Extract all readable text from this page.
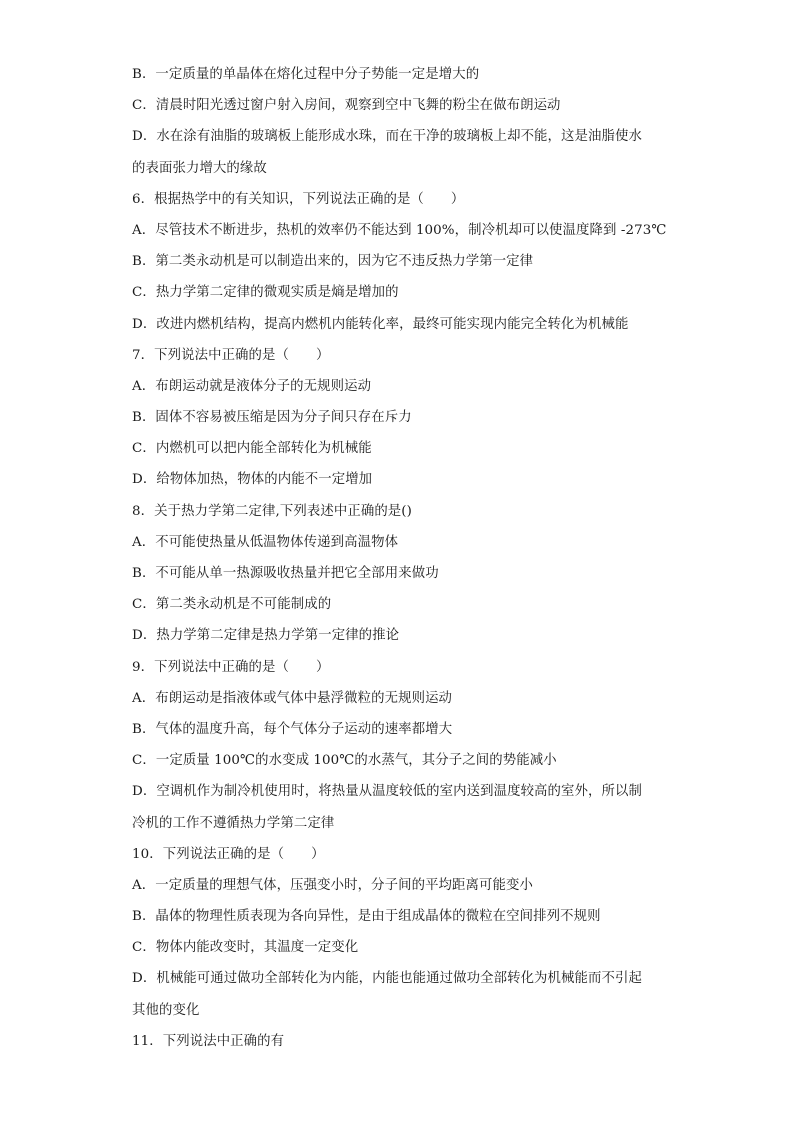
B．一定质量的单晶体在熔化过程中分子势能一定是增大的
C．清晨时阳光透过窗户射入房间，观察到空中飞舞的粉尘在做布朗运动
D．水在涂有油脂的玻璃板上能形成水珠，而在干净的玻璃板上却不能，这是油脂使水
的表面张力增大的缘故
6．根据热学中的有关知识，下列说法正确的是（　　）
A．尽管技术不断进步，热机的效率仍不能达到 100%，制冷机却可以使温度降到 -273℃
B．第二类永动机是可以制造出来的，因为它不违反热力学第一定律
C．热力学第二定律的微观实质是熵是增加的
D．改进内燃机结构，提高内燃机内能转化率，最终可能实现内能完全转化为机械能
7．下列说法中正确的是（　　）
A．布朗运动就是液体分子的无规则运动
B．固体不容易被压缩是因为分子间只存在斥力
C．内燃机可以把内能全部转化为机械能
D．给物体加热，物体的内能不一定增加
8．关于热力学第二定律,下列表述中正确的是()
A．不可能使热量从低温物体传递到高温物体
B．不可能从单一热源吸收热量并把它全部用来做功
C．第二类永动机是不可能制成的
D．热力学第二定律是热力学第一定律的推论
9．下列说法中正确的是（　　）
A．布朗运动是指液体或气体中悬浮微粒的无规则运动
B．气体的温度升高，每个气体分子运动的速率都增大
C．一定质量 100℃的水变成 100℃的水蒸气，其分子之间的势能减小
D．空调机作为制冷机使用时，将热量从温度较低的室内送到温度较高的室外，所以制
冷机的工作不遵循热力学第二定律
10．下列说法正确的是（　　）
A．一定质量的理想气体，压强变小时，分子间的平均距离可能变小
B．晶体的物理性质表现为各向异性，是由于组成晶体的微粒在空间排列不规则
C．物体内能改变时，其温度一定变化
D．机械能可通过做功全部转化为内能，内能也能通过做功全部转化为机械能而不引起
其他的变化
11．下列说法中正确的有
